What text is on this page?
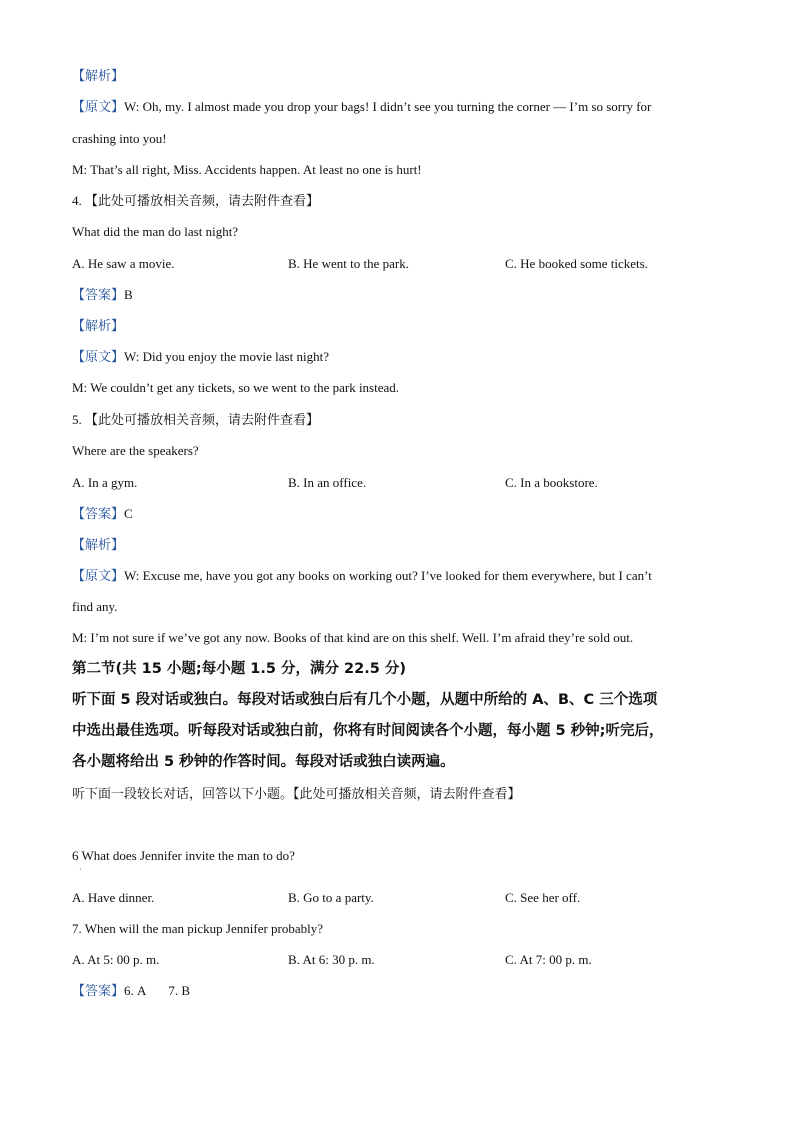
【解析】
【原文】W: Oh, my. I almost made you drop your bags! I didn’t see you turning the corner — I’m so sorry for
crashing into you!
M: That’s all right, Miss. Accidents happen. At least no one is hurt!
4. 【此处可播放相关音频，请去附件查看】
What did the man do last night?
A. He saw a movie.	B. He went to the park.	C. He booked some tickets.
【答案】B
【解析】
【原文】W: Did you enjoy the movie last night?
M: We couldn’t get any tickets, so we went to the park instead.
5. 【此处可播放相关音频，请去附件查看】
Where are the speakers?
A. In a gym.	B. In an office.	C. In a bookstore.
【答案】C
【解析】
【原文】W: Excuse me, have you got any books on working out? I’ve looked for them everywhere, but I can’t
find any.
M: I’m not sure if we’ve got any now. Books of that kind are on this shelf. Well. I’m afraid they’re sold out.
第二节(共 15 小题;每小题 1.5 分，满分 22.5 分)
听下面 5 段对话或独白。每段对话或独白后有几个小题，从题中所给的 A、B、C 三个选项
中选出最佳选项。听每段对话或独白前，你将有时间阅读各个小题，每小题 5 秒钟;听完后，
各小题将给出 5 秒钟的作答时间。每段对话或独白读两遍。
听下面一段较长对话，回答以下小题。【此处可播放相关音频，请去附件查看】
6 What does Jennifer invite the man to do?
·
A. Have dinner.	B. Go to a party.	C. See her off.
7. When will the man pickup Jennifer probably?
A. At 5: 00 p. m.	B. At 6: 30 p. m.	C. At 7: 00 p. m.
【答案】6. A       7. B
